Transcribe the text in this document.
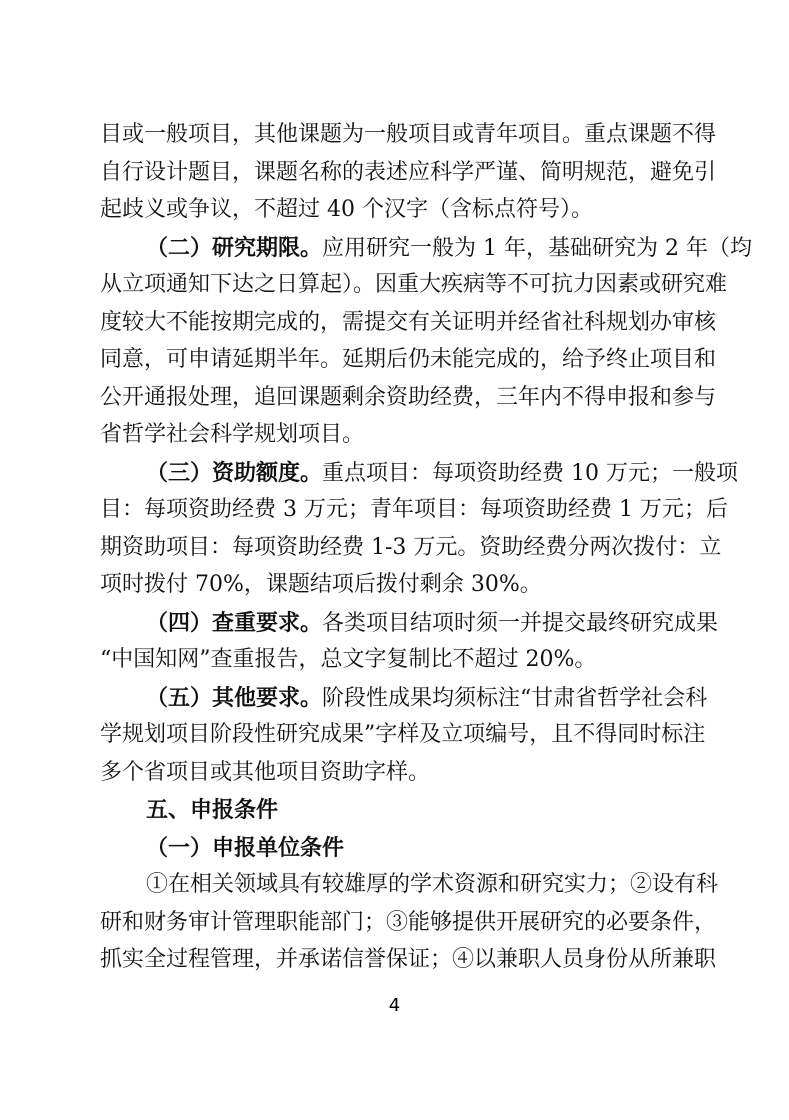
目或一般项目，其他课题为一般项目或青年项目。重点课题不得
自行设计题目，课题名称的表述应科学严谨、简明规范，避免引
起歧义或争议，不超过 40 个汉字（含标点符号）。
（二）研究期限。应用研究一般为 1 年，基础研究为 2 年（均
从立项通知下达之日算起）。因重大疾病等不可抗力因素或研究难
度较大不能按期完成的，需提交有关证明并经省社科规划办审核
同意，可申请延期半年。延期后仍未能完成的，给予终止项目和
公开通报处理，追回课题剩余资助经费，三年内不得申报和参与
省哲学社会科学规划项目。
（三）资助额度。重点项目：每项资助经费 10 万元；一般项
目：每项资助经费 3 万元；青年项目：每项资助经费 1 万元；后
期资助项目：每项资助经费 1-3 万元。资助经费分两次拨付：立
项时拨付 70%，课题结项后拨付剩余 30%。
（四）查重要求。各类项目结项时须一并提交最终研究成果
“中国知网”查重报告，总文字复制比不超过 20%。
（五）其他要求。阶段性成果均须标注“甘肃省哲学社会科
学规划项目阶段性研究成果”字样及立项编号，且不得同时标注
多个省项目或其他项目资助字样。
五、申报条件
（一）申报单位条件
①在相关领域具有较雄厚的学术资源和研究实力；②设有科
研和财务审计管理职能部门；③能够提供开展研究的必要条件，
抓实全过程管理，并承诺信誉保证；④以兼职人员身份从所兼职
4
